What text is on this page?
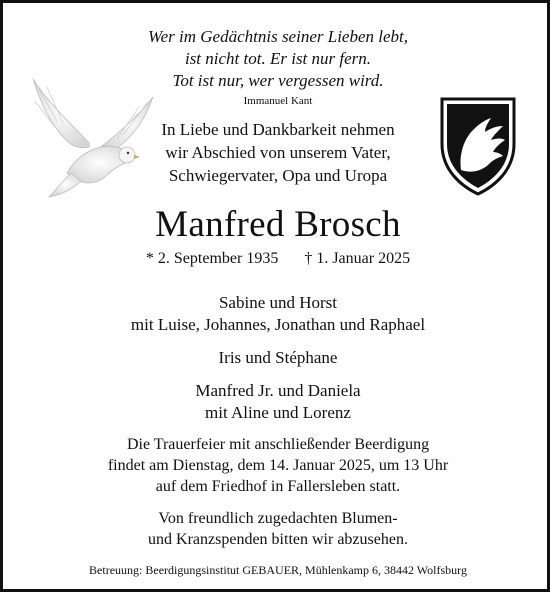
Wer im Gedächtnis seiner Lieben lebt,
ist nicht tot. Er ist nur fern.
Tot ist nur, wer vergessen wird.
Immanuel Kant
In Liebe und Dankbarkeit nehmen
wir Abschied von unserem Vater,
Schwiegervater, Opa und Uropa
Manfred Brosch
* 2. September 1935 † 1. Januar 2025
Sabine und Horst
mit Luise, Johannes, Jonathan und Raphael
Iris und Stéphane
Manfred Jr. und Daniela
mit Aline und Lorenz
Die Trauerfeier mit anschließender Beerdigung
findet am Dienstag, dem 14. Januar 2025, um 13 Uhr
auf dem Friedhof in Fallersleben statt.
Von freundlich zugedachten Blumen-
und Kranzspenden bitten wir abzusehen.
Betreuung: Beerdigungsinstitut GEBAUER, Mühlenkamp 6, 38442 Wolfsburg
